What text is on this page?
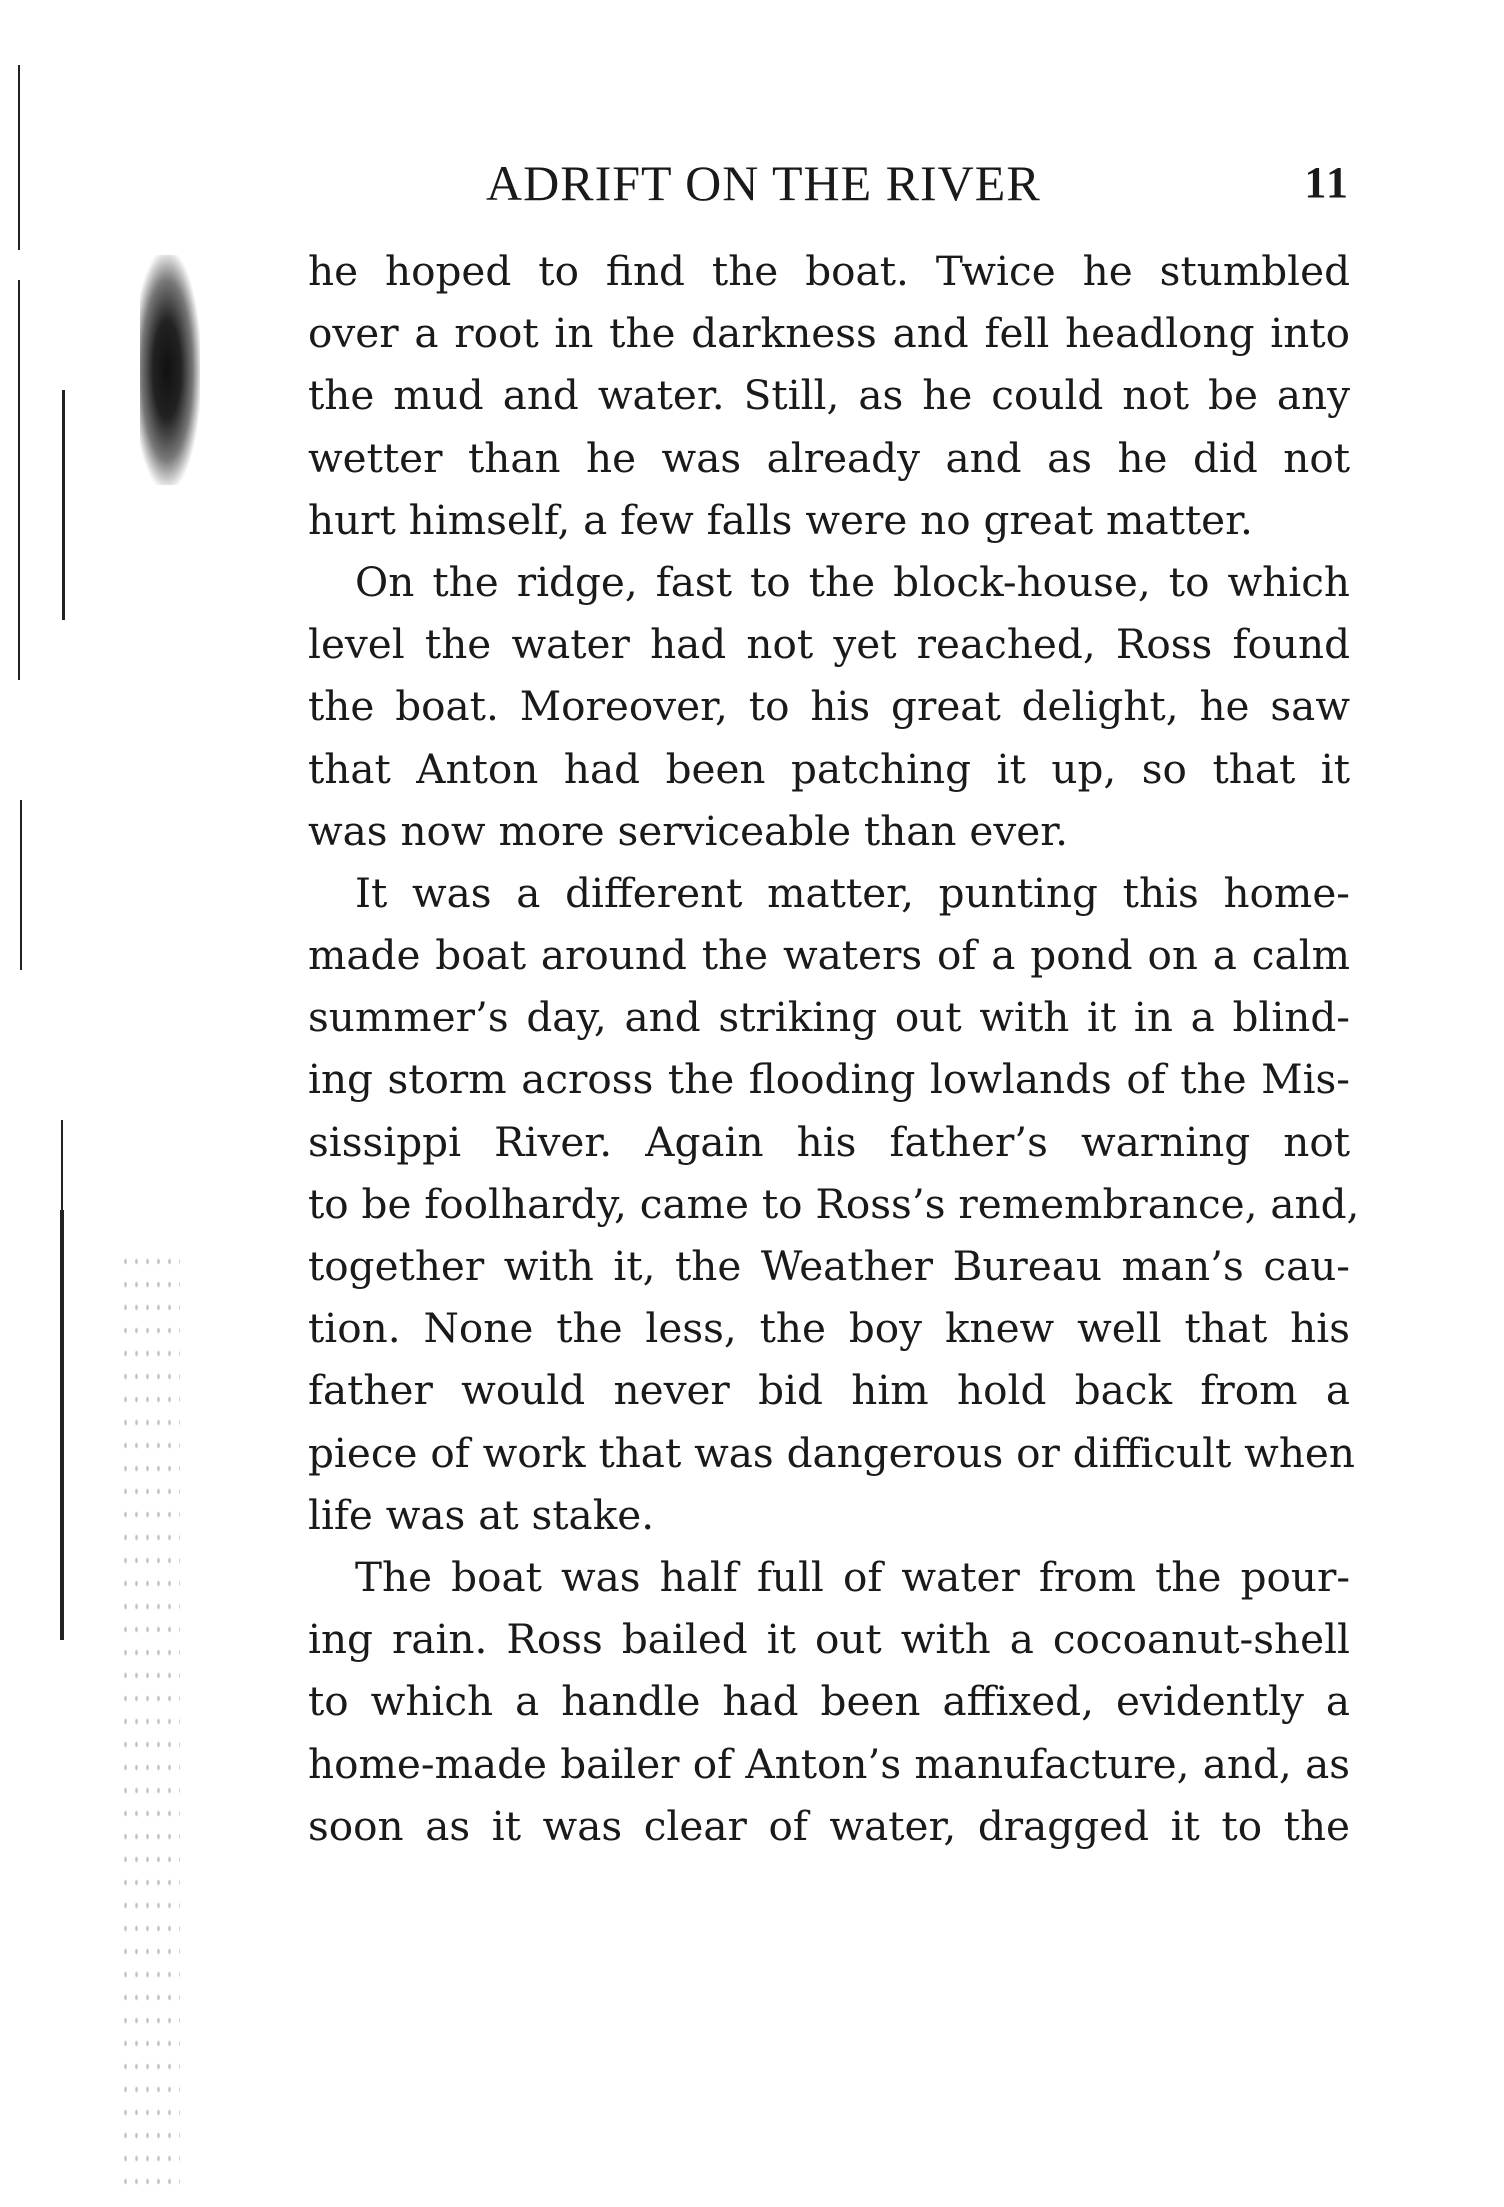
ADRIFT ON THE RIVER	11
he hoped to find the boat. Twice he stumbled
over a root in the darkness and fell headlong into
the mud and water. Still, as he could not be any
wetter than he was already and as he did not
hurt himself, a few falls were no great matter.
On the ridge, fast to the block-house, to which
level the water had not yet reached, Ross found
the boat. Moreover, to his great delight, he saw
that Anton had been patching it up, so that it
was now more serviceable than ever.
It was a different matter, punting this home-
made boat around the waters of a pond on a calm
summer’s day, and striking out with it in a blind-
ing storm across the flooding lowlands of the Mis-
sissippi River. Again his father’s warning not
to be foolhardy, came to Ross’s remembrance, and,
together with it, the Weather Bureau man’s cau-
tion. None the less, the boy knew well that his
father would never bid him hold back from a
piece of work that was dangerous or difficult when
life was at stake.
The boat was half full of water from the pour-
ing rain. Ross bailed it out with a cocoanut-shell
to which a handle had been affixed, evidently a
home-made bailer of Anton’s manufacture, and, as
soon as it was clear of water, dragged it to the
